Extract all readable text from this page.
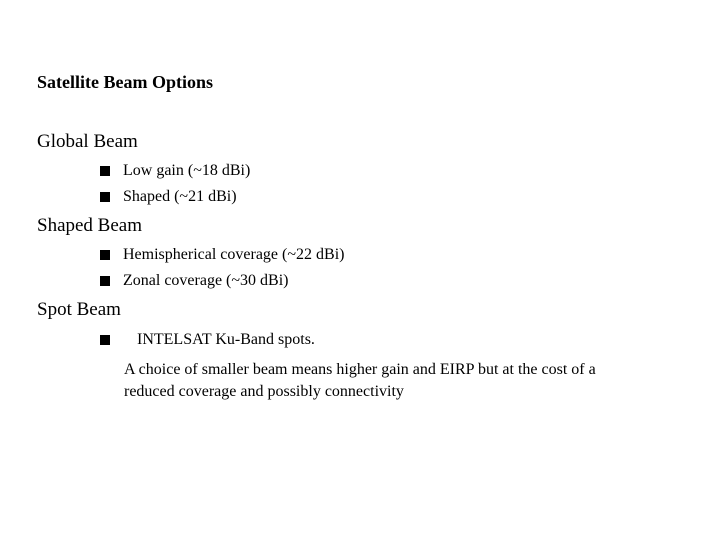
Satellite Beam Options
Global Beam
Low gain (~18 dBi)
Shaped (~21 dBi)
Shaped Beam
Hemispherical coverage (~22 dBi)
Zonal coverage (~30 dBi)
Spot Beam
INTELSAT Ku-Band spots.
A choice of smaller beam means higher gain and EIRP but at the cost of a reduced coverage and possibly connectivity
